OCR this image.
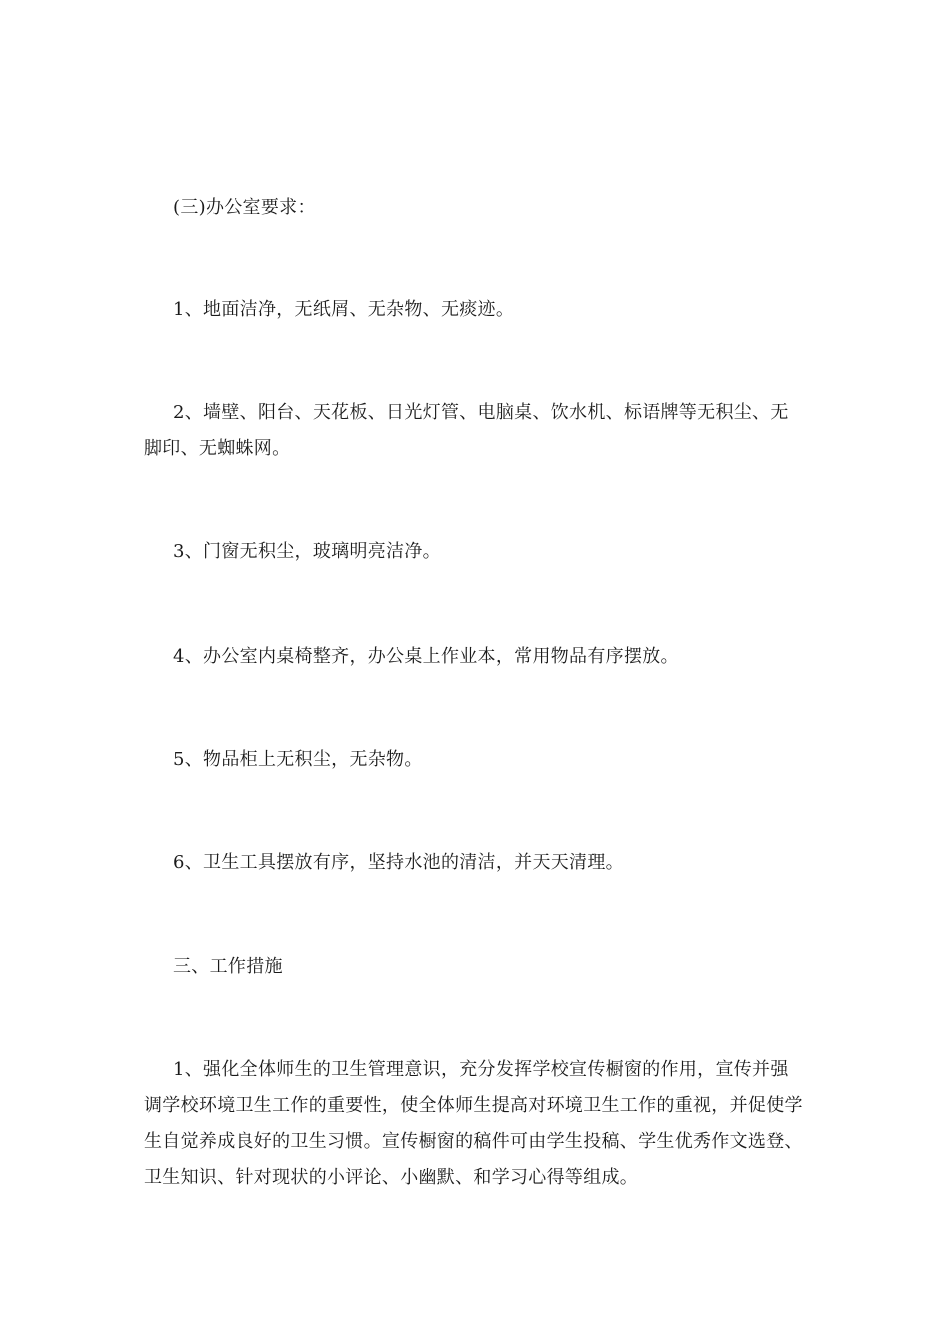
(三)办公室要求：

1、地面洁净，无纸屑、无杂物、无痰迹。

2、墙壁、阳台、天花板、日光灯管、电脑桌、饮水机、标语牌等无积尘、无脚印、无蜘蛛网。

3、门窗无积尘，玻璃明亮洁净。

4、办公室内桌椅整齐，办公桌上作业本，常用物品有序摆放。

5、物品柜上无积尘，无杂物。

6、卫生工具摆放有序，坚持水池的清洁，并天天清理。

三、工作措施

1、强化全体师生的卫生管理意识，充分发挥学校宣传橱窗的作用，宣传并强调学校环境卫生工作的重要性，使全体师生提高对环境卫生工作的重视，并促使学生自觉养成良好的卫生习惯。宣传橱窗的稿件可由学生投稿、学生优秀作文选登、卫生知识、针对现状的小评论、小幽默、和学习心得等组成。
